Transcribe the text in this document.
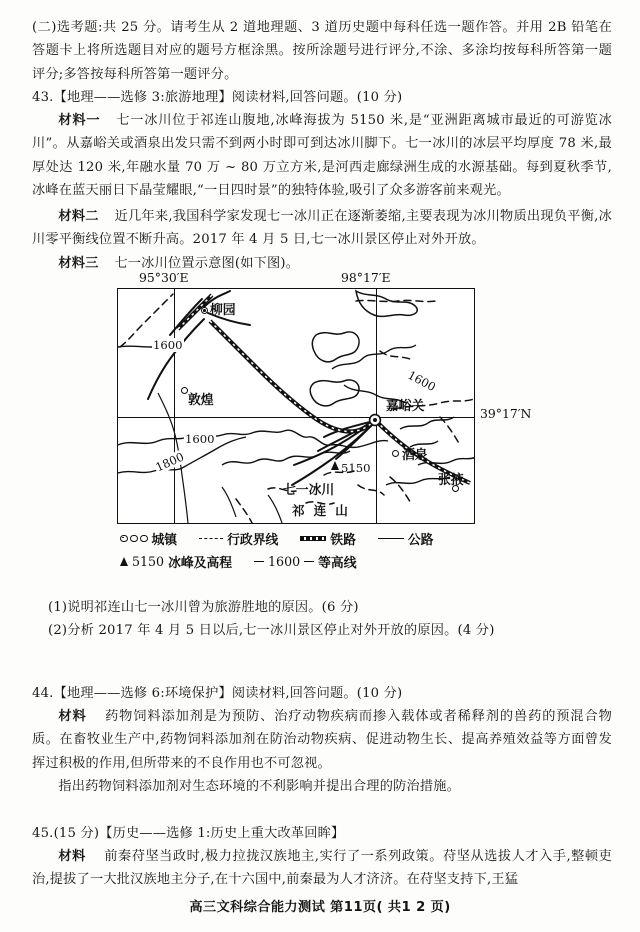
(二)选考题:共 25 分。请考生从 2 道地理题、3 道历史题中每科任选一题作答。并用 2B 铅笔在答题卡上将所选题目对应的题号方框涂黑。按所涂题号进行评分,不涂、多涂均按每科所答第一题评分;多答按每科所答第一题评分。
43.【地理——选修 3:旅游地理】阅读材料,回答问题。(10 分)
材料一 七一冰川位于祁连山腹地,冰峰海拔为 5150 米,是“亚洲距离城市最近的可游览冰川”。从嘉峪关或酒泉出发只需不到两小时即可到达冰川脚下。七一冰川的冰层平均厚度 78 米,最厚处达 120 米,年融水量 70 万 ~ 80 万立方米,是河西走廊绿洲生成的水源基础。每到夏秋季节,冰峰在蓝天丽日下晶莹耀眼,“一日四时景”的独特体验,吸引了众多游客前来观光。
材料二 近几年来,我国科学家发现七一冰川正在逐渐萎缩,主要表现为冰川物质出现负平衡,冰川零平衡线位置不断升高。2017 年 4 月 5 日,七一冰川景区停止对外开放。
材料三 七一冰川位置示意图(如下图)。
95°30′E	98°17′E
39°17′N
1600
1600
1800
1600
柳园
敦煌	嘉峪关
酒泉
张掖
5150
七一冰川
祁连山
城镇	行政界线	铁路	公路
5150 冰峰及高程	1600 等高线
(1)说明祁连山七一冰川曾为旅游胜地的原因。(6 分)
(2)分析 2017 年 4 月 5 日以后,七一冰川景区停止对外开放的原因。(4 分)
44.【地理——选修 6:环境保护】阅读材料,回答问题。(10 分)
材料 药物饲料添加剂是为预防、治疗动物疾病而掺入载体或者稀释剂的兽药的预混合物质。在畜牧业生产中,药物饲料添加剂在防治动物疾病、促进动物生长、提高养殖效益等方面曾发挥过积极的作用,但所带来的不良作用也不可忽视。
指出药物饲料添加剂对生态环境的不利影响并提出合理的防治措施。
45.(15 分)【历史——选修 1:历史上重大改革回眸】
材料 前秦苻坚当政时,极力拉拢汉族地主,实行了一系列政策。苻坚从选拔人才入手,整顿吏治,提拔了一大批汉族地主分子,在十六国中,前秦最为人才济济。在苻坚支持下,王猛
高三文科综合能力测试 第11页( 共1 2 页)
